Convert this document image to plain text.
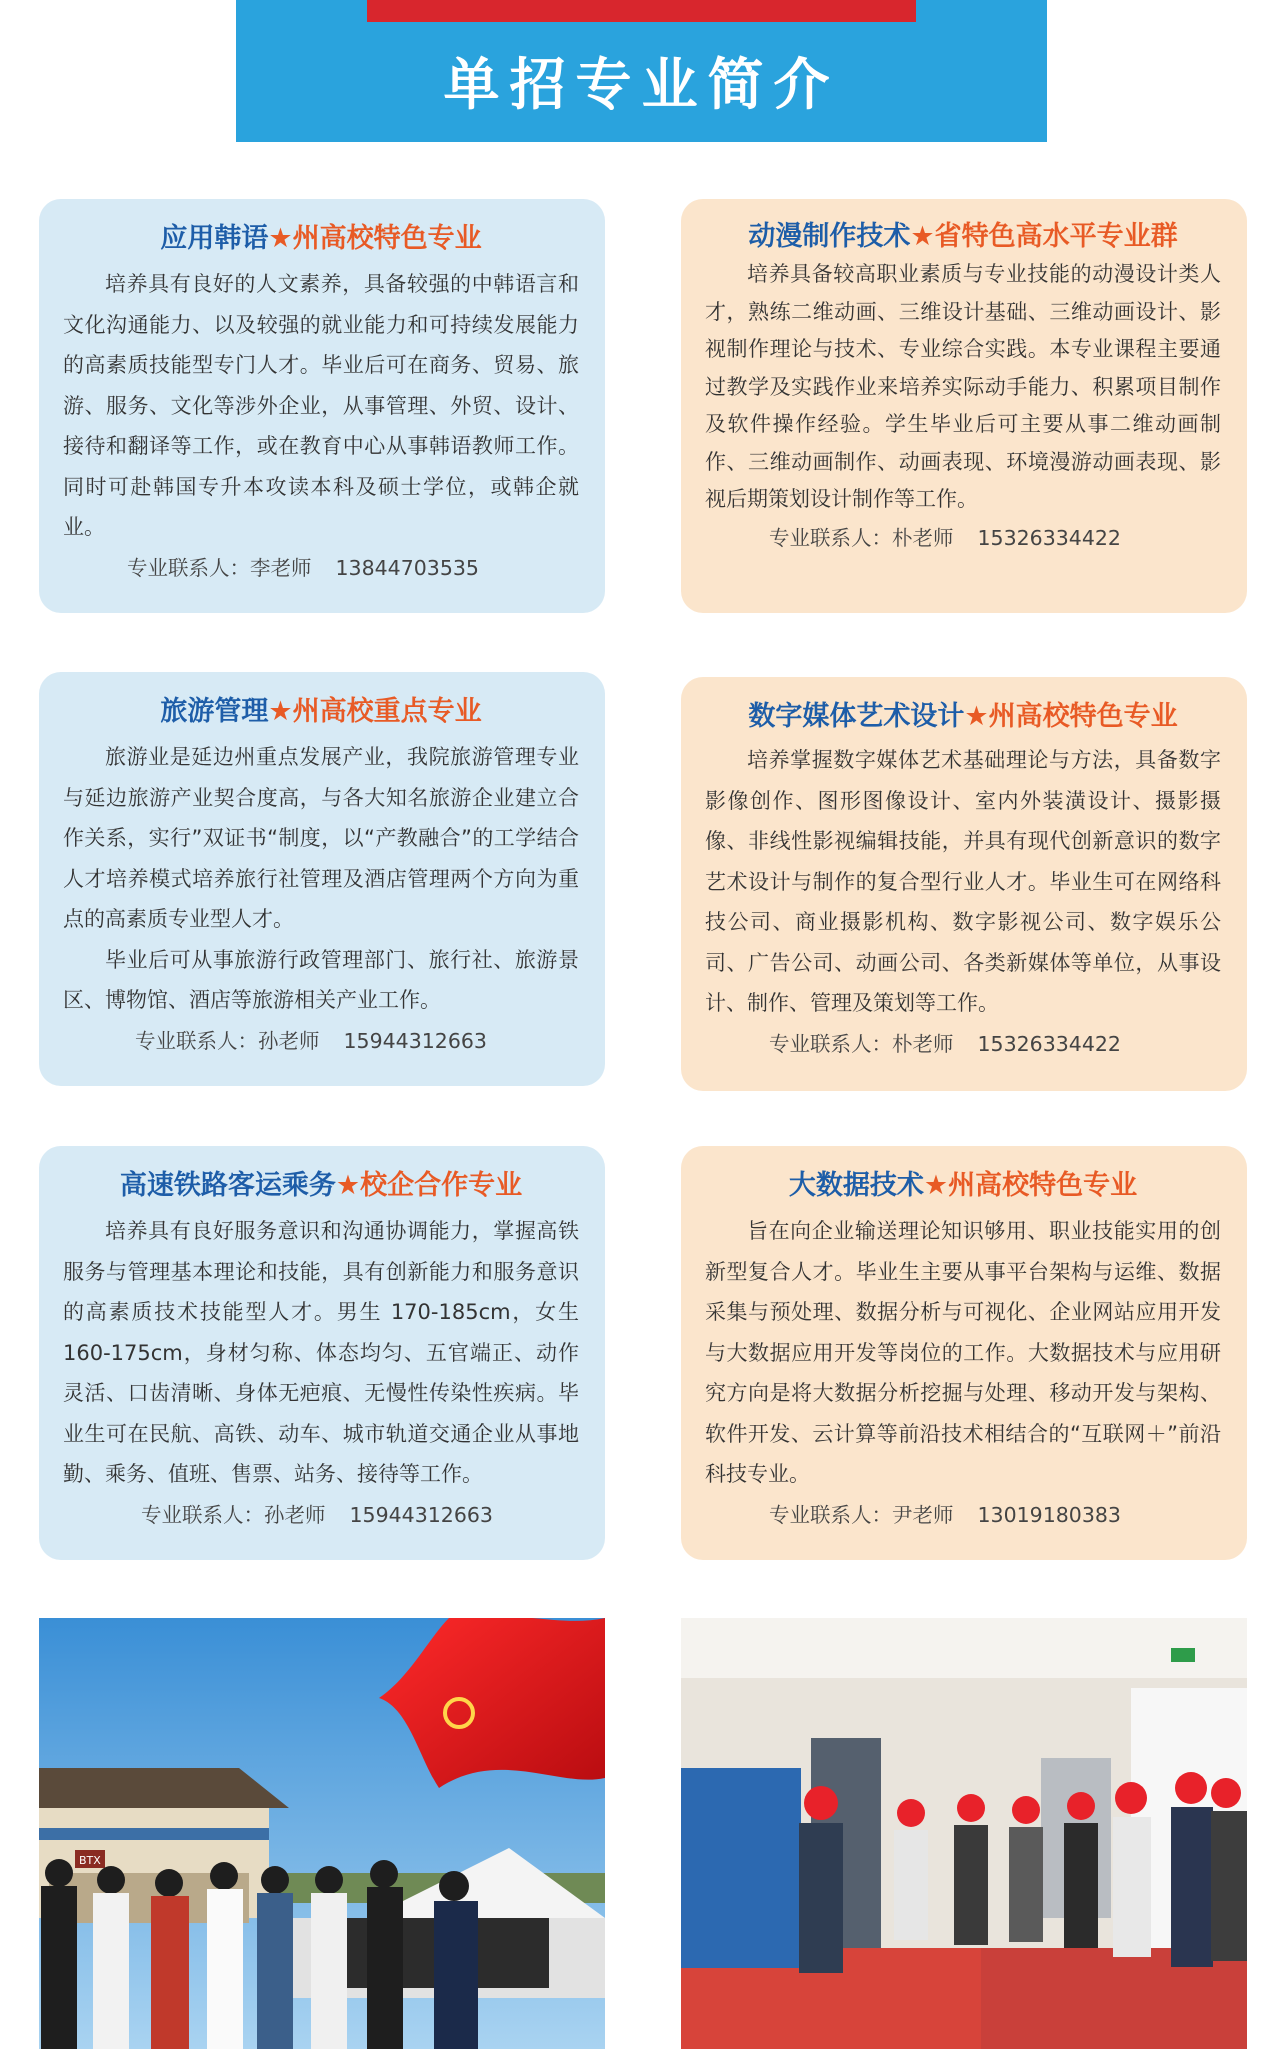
单招专业简介
应用韩语★州高校特色专业

培养具有良好的人文素养，具备较强的中韩语言和文化沟通能力、以及较强的就业能力和可持续发展能力的高素质技能型专门人才。毕业后可在商务、贸易、旅游、服务、文化等涉外企业，从事管理、外贸、设计、接待和翻译等工作，或在教育中心从事韩语教师工作。同时可赴韩国专升本攻读本科及硕士学位，或韩企就业。

专业联系人：李老师 13844703535

动漫制作技术★省特色高水平专业群

培养具备较高职业素质与专业技能的动漫设计类人才，熟练二维动画、三维设计基础、三维动画设计、影视制作理论与技术、专业综合实践。本专业课程主要通过教学及实践作业来培养实际动手能力、积累项目制作及软件操作经验。学生毕业后可主要从事二维动画制作、三维动画制作、动画表现、环境漫游动画表现、影视后期策划设计制作等工作。

专业联系人：朴老师 15326334422

旅游管理★州高校重点专业

旅游业是延边州重点发展产业，我院旅游管理专业与延边旅游产业契合度高，与各大知名旅游企业建立合作关系，实行”双证书“制度，以“产教融合”的工学结合人才培养模式培养旅行社管理及酒店管理两个方向为重点的高素质专业型人才。

毕业后可从事旅游行政管理部门、旅行社、旅游景区、博物馆、酒店等旅游相关产业工作。

专业联系人：孙老师 15944312663

数字媒体艺术设计★州高校特色专业

培养掌握数字媒体艺术基础理论与方法，具备数字影像创作、图形图像设计、室内外装潢设计、摄影摄像、非线性影视编辑技能，并具有现代创新意识的数字艺术设计与制作的复合型行业人才。毕业生可在网络科技公司、商业摄影机构、数字影视公司、数字娱乐公司、广告公司、动画公司、各类新媒体等单位，从事设计、制作、管理及策划等工作。

专业联系人：朴老师 15326334422

高速铁路客运乘务★校企合作专业

培养具有良好服务意识和沟通协调能力，掌握高铁服务与管理基本理论和技能，具有创新能力和服务意识的高素质技术技能型人才。男生 170-185cm，女生160-175cm，身材匀称、体态均匀、五官端正、动作灵活、口齿清晰、身体无疤痕、无慢性传染性疾病。毕业生可在民航、高铁、动车、城市轨道交通企业从事地勤、乘务、值班、售票、站务、接待等工作。

专业联系人：孙老师 15944312663

大数据技术★州高校特色专业

旨在向企业输送理论知识够用、职业技能实用的创新型复合人才。毕业生主要从事平台架构与运维、数据采集与预处理、数据分析与可视化、企业网站应用开发与大数据应用开发等岗位的工作。大数据技术与应用研究方向是将大数据分析挖掘与处理、移动开发与架构、软件开发、云计算等前沿技术相结合的“互联网＋”前沿科技专业。

专业联系人：尹老师 13019180383

BTX
